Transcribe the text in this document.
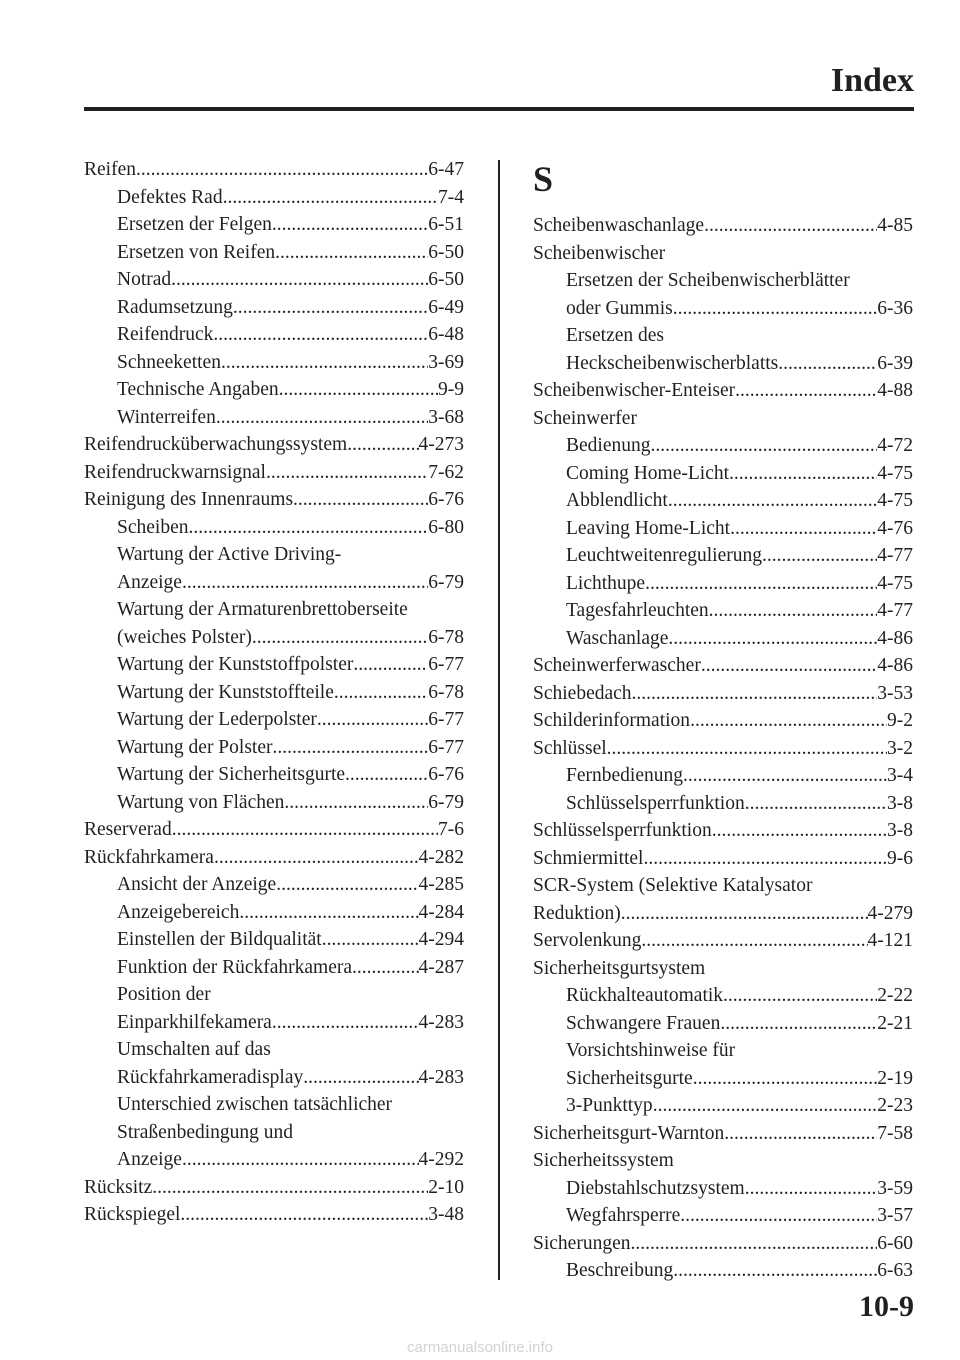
Index
Reifen .....	6-47
Defektes Rad .....	7-4
Ersetzen der Felgen .....	6-51
Ersetzen von Reifen .....	6-50
Notrad .....	6-50
Radumsetzung .....	6-49
Reifendruck .....	6-48
Schneeketten .....	3-69
Technische Angaben .....	9-9
Winterreifen .....	3-68
Reifendrucküberwachungssystem .....	4-273
Reifendruckwarnsignal .....	7-62
Reinigung des Innenraums .....	6-76
Scheiben .....	6-80
Wartung der Active Driving-
Anzeige .....	6-79
Wartung der Armaturenbrettoberseite
(weiches Polster) .....	6-78
Wartung der Kunststoffpolster .....	6-77
Wartung der Kunststoffteile .....	6-78
Wartung der Lederpolster .....	6-77
Wartung der Polster .....	6-77
Wartung der Sicherheitsgurte .....	6-76
Wartung von Flächen .....	6-79
Reserverad .....	7-6
Rückfahrkamera .....	4-282
Ansicht der Anzeige .....	4-285
Anzeigebereich .....	4-284
Einstellen der Bildqualität .....	4-294
Funktion der Rückfahrkamera .....	4-287
Position der
Einparkhilfekamera .....	4-283
Umschalten auf das
Rückfahrkameradisplay .....	4-283
Unterschied zwischen tatsächlicher
Straßenbedingung und
Anzeige .....	4-292
Rücksitz .....	2-10
Rückspiegel .....	3-48
S
Scheibenwaschanlage .....	4-85
Scheibenwischer
Ersetzen der Scheibenwischerblätter
oder Gummis .....	6-36
Ersetzen des
Heckscheibenwischerblatts .....	6-39
Scheibenwischer-Enteiser .....	4-88
Scheinwerfer
Bedienung .....	4-72
Coming Home-Licht .....	4-75
Abblendlicht .....	4-75
Leaving Home-Licht .....	4-76
Leuchtweitenregulierung .....	4-77
Lichthupe .....	4-75
Tagesfahrleuchten .....	4-77
Waschanlage .....	4-86
Scheinwerferwascher .....	4-86
Schiebedach .....	3-53
Schilderinformation .....	9-2
Schlüssel .....	3-2
Fernbedienung .....	3-4
Schlüsselsperrfunktion .....	3-8
Schlüsselsperrfunktion .....	3-8
Schmiermittel .....	9-6
SCR-System (Selektive Katalysator
Reduktion) .....	4-279
Servolenkung .....	4-121
Sicherheitsgurtsystem
Rückhalteautomatik .....	2-22
Schwangere Frauen .....	2-21
Vorsichtshinweise für
Sicherheitsgurte .....	2-19
3-Punkttyp .....	2-23
Sicherheitsgurt-Warnton .....	7-58
Sicherheitssystem
Diebstahlschutzsystem .....	3-59
Wegfahrsperre .....	3-57
Sicherungen .....	6-60
Beschreibung .....	6-63
10-9
carmanualsonline.info
